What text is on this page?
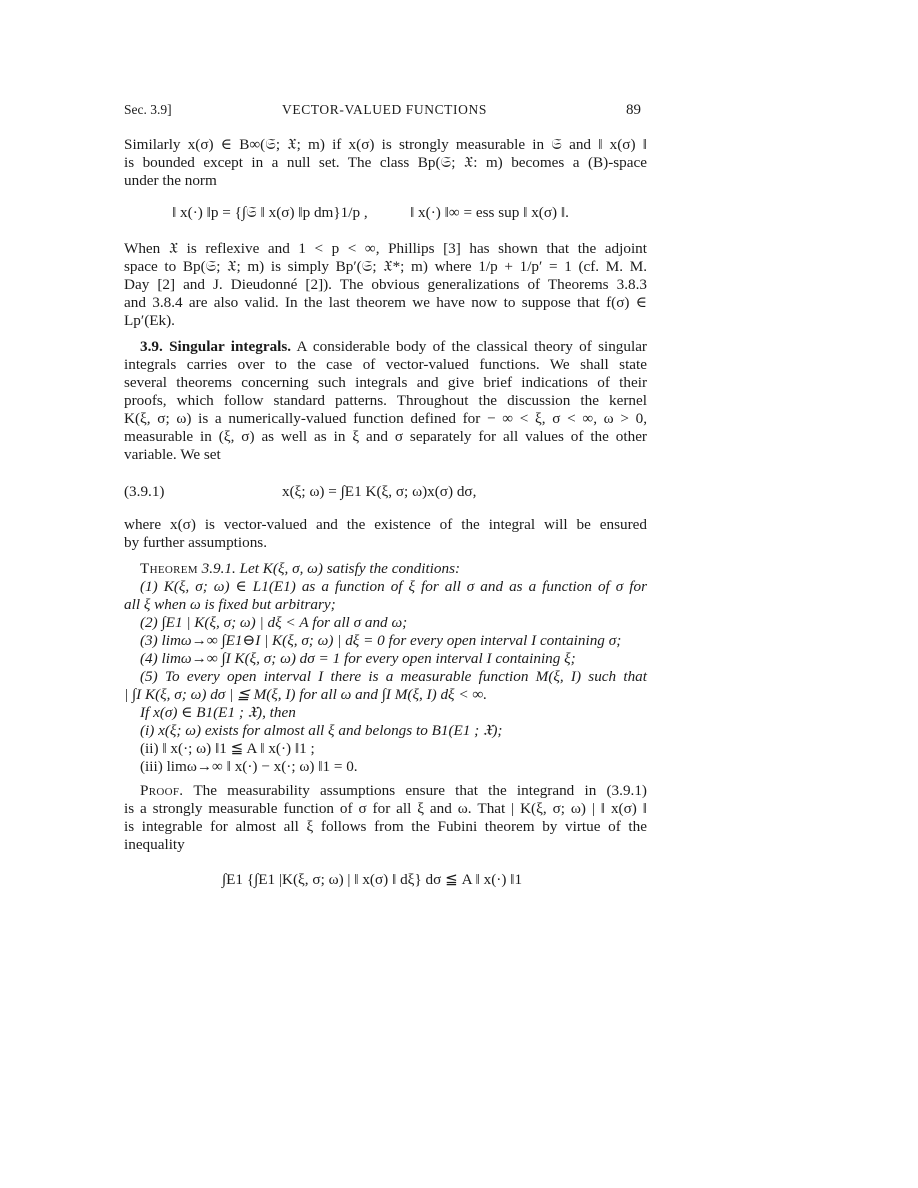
Sec. 3.9]	VECTOR-VALUED FUNCTIONS	89
Similarly x(σ) ∈ B∞(𝔖; 𝔛; m) if x(σ) is strongly measurable in 𝔖 and ‖ x(σ) ‖
is bounded except in a null set. The class Bp(𝔖; 𝔛: m) becomes a (B)-space
under the norm
‖ x(·) ‖p = {∫𝔖 ‖ x(σ) ‖p dm}1/p ,	‖ x(·) ‖∞ = ess sup ‖ x(σ) ‖.
When 𝔛 is reflexive and 1 < p < ∞, Phillips [3] has shown that the adjoint
space to Bp(𝔖; 𝔛; m) is simply Bp′(𝔖; 𝔛*; m) where 1/p + 1/p′ = 1 (cf. M. M.
Day [2] and J. Dieudonné [2]). The obvious generalizations of Theorems 3.8.3
and 3.8.4 are also valid. In the last theorem we have now to suppose that f(σ) ∈
Lp′(Ek).
3.9. Singular integrals. A considerable body of the classical theory of singular
integrals carries over to the case of vector-valued functions. We shall state
several theorems concerning such integrals and give brief indications of their
proofs, which follow standard patterns. Throughout the discussion the kernel
K(ξ, σ; ω) is a numerically-valued function defined for − ∞ < ξ, σ < ∞, ω > 0,
measurable in (ξ, σ) as well as in ξ and σ separately for all values of the other
variable. We set
(3.9.1)	x(ξ; ω) = ∫E1 K(ξ, σ; ω)x(σ) dσ,
where x(σ) is vector-valued and the existence of the integral will be ensured
by further assumptions.
Theorem 3.9.1. Let K(ξ, σ, ω) satisfy the conditions:
(1) K(ξ, σ; ω) ∈ L1(E1) as a function of ξ for all σ and as a function of σ for
all ξ when ω is fixed but arbitrary;
(2) ∫E1 | K(ξ, σ; ω) | dξ < A for all σ and ω;
(3) limω→∞ ∫E1⊖I | K(ξ, σ; ω) | dξ = 0 for every open interval I containing σ;
(4) limω→∞ ∫I K(ξ, σ; ω) dσ = 1 for every open interval I containing ξ;
(5) To every open interval I there is a measurable function M(ξ, I) such that
| ∫I K(ξ, σ; ω) dσ | ≦ M(ξ, I) for all ω and ∫I M(ξ, I) dξ < ∞.
If x(σ) ∈ B1(E1 ; 𝔛), then
(i) x(ξ; ω) exists for almost all ξ and belongs to B1(E1 ; 𝔛);
(ii) ‖ x(·; ω) ‖1 ≦ A ‖ x(·) ‖1 ;
(iii) limω→∞ ‖ x(·) − x(·; ω) ‖1 = 0.
Proof. The measurability assumptions ensure that the integrand in (3.9.1)
is a strongly measurable function of σ for all ξ and ω. That | K(ξ, σ; ω) | ‖ x(σ) ‖
is integrable for almost all ξ follows from the Fubini theorem by virtue of the
inequality
∫E1 {∫E1 |K(ξ, σ; ω) | ‖ x(σ) ‖ dξ} dσ ≦ A ‖ x(·) ‖1
